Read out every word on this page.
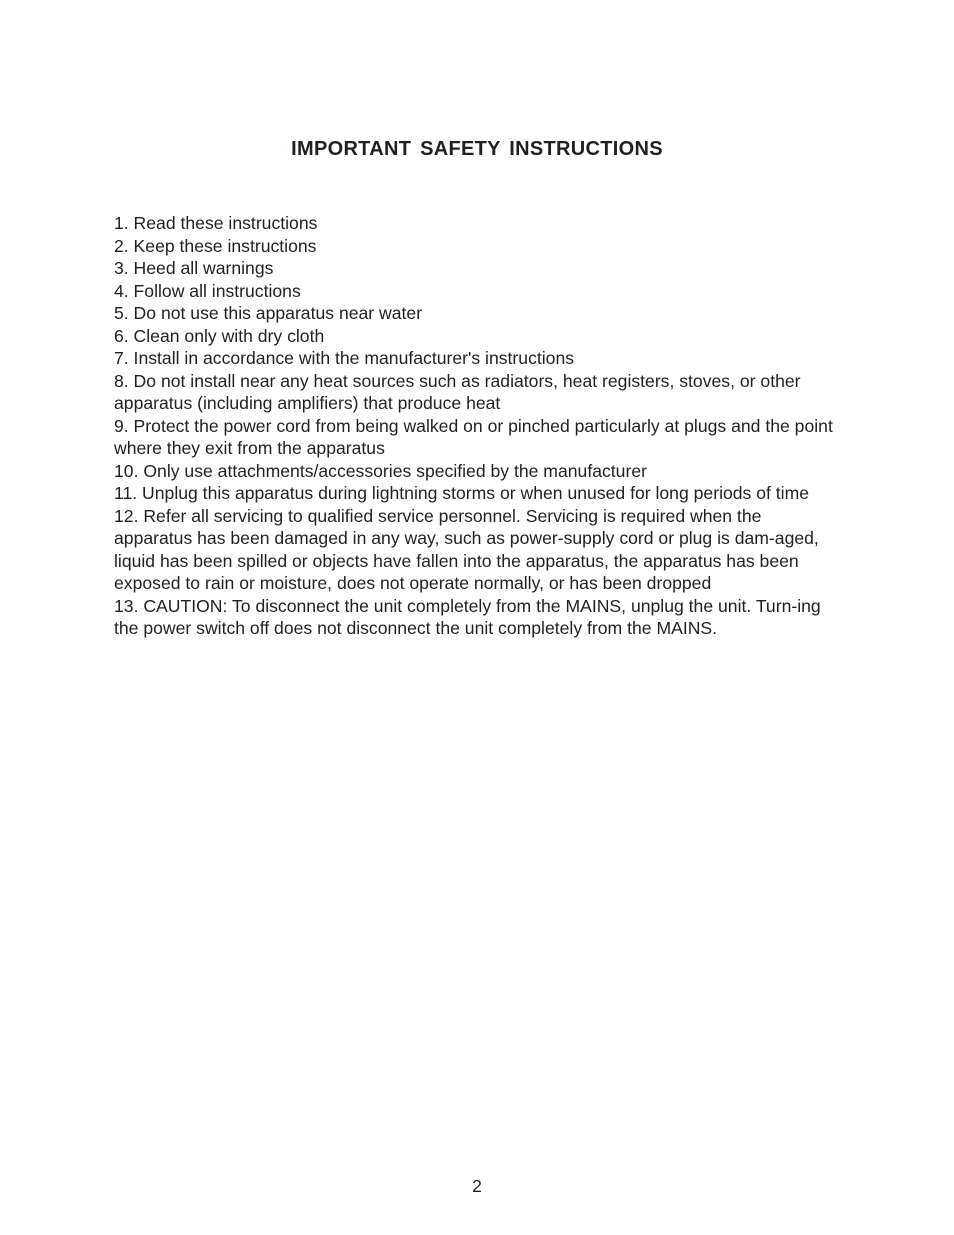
IMPORTANT SAFETY INSTRUCTIONS
1. Read these instructions
2. Keep these instructions
3. Heed all warnings
4. Follow all instructions
5. Do not use this apparatus near water
6. Clean only with dry cloth
7. Install in accordance with the manufacturer's instructions
8. Do not install near any heat sources such as radiators, heat registers, stoves, or other apparatus (including amplifiers) that produce heat
9. Protect the power cord from being walked on or pinched particularly at plugs and the point where they exit from the apparatus
10. Only use attachments/accessories specified by the manufacturer
11. Unplug this apparatus during lightning storms or when unused for long periods of time
12. Refer all servicing to qualified service personnel. Servicing is required when the apparatus has been damaged in any way, such as power-supply cord or plug is dam-aged, liquid has been spilled or objects have fallen into the apparatus, the apparatus has been exposed to rain or moisture, does not operate normally, or has been dropped
13. CAUTION: To disconnect the unit completely from the MAINS, unplug the unit. Turn-ing the power switch off does not disconnect the unit completely from the MAINS.
2
